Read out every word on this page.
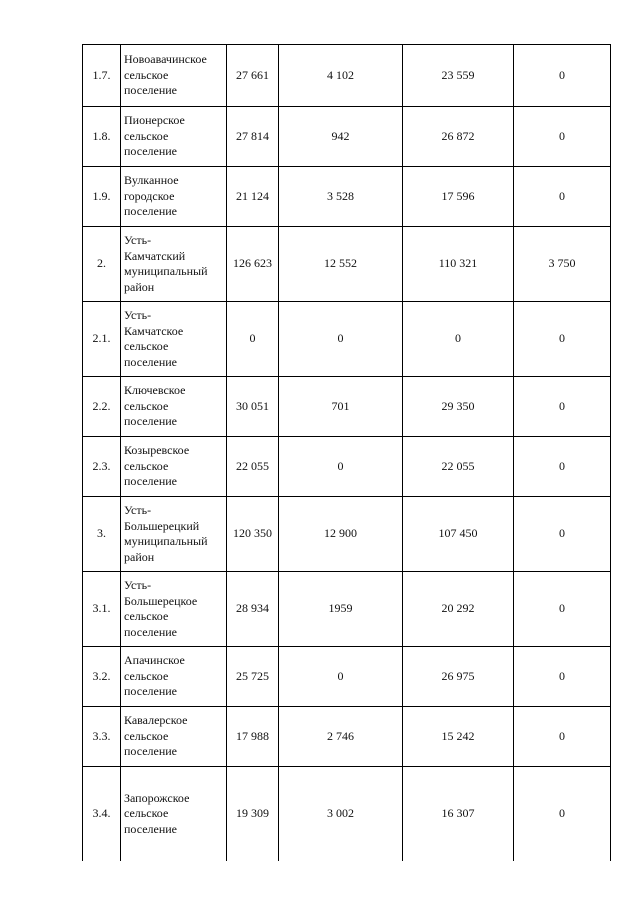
1.7.	Новоавачинское
сельское
поселение	27 661	4 102	23 559	0
1.8.	Пионерское
сельское
поселение	27 814	942	26 872	0
1.9.	Вулканное
городское
поселение	21 124	3 528	17 596	0
2.	Усть-
Камчатский
муниципальный
район	126 623	12 552	110 321	3 750
2.1.	Усть-
Камчатское
сельское
поселение	0	0	0	0
2.2.	Ключевское
сельское
поселение	30 051	701	29 350	0
2.3.	Козыревское
сельское
поселение	22 055	0	22 055	0
3.	Усть-
Большерецкий
муниципальный
район	120 350	12 900	107 450	0
3.1.	Усть-
Большерецкое
сельское
поселение	28 934	1959	20 292	0
3.2.	Апачинское
сельское
поселение	25 725	0	26 975	0
3.3.	Кавалерское
сельское
поселение	17 988	2 746	15 242	0
3.4.	Запорожское
сельское
поселение	19 309	3 002	16 307	0
